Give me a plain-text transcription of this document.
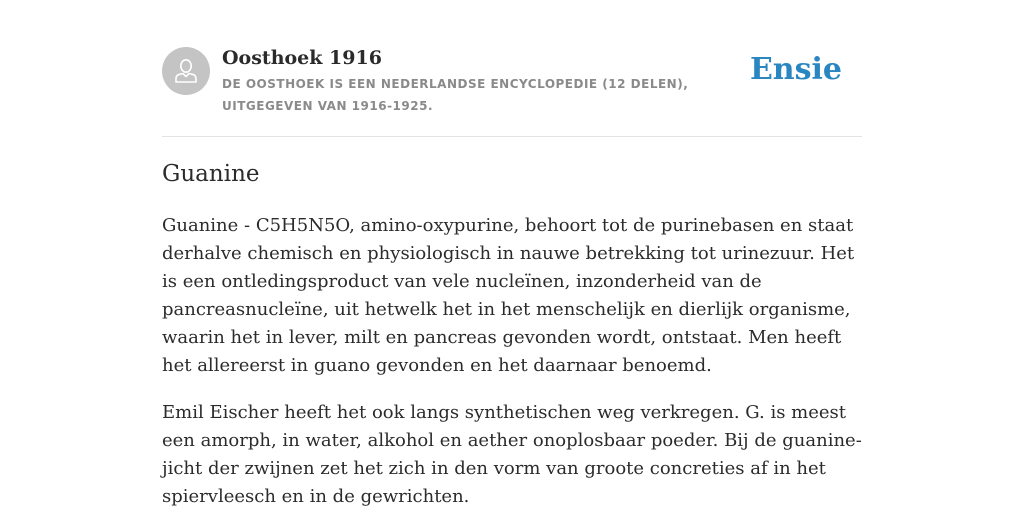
Oosthoek 1916

DE OOSTHOEK IS EEN NEDERLANDSE ENCYCLOPEDIE (12 DELEN), UITGEGEVEN VAN 1916-1925.

Ensie
Guanine

Guanine - C5H5N5O, amino-oxypurine, behoort tot de purinebasen en staat derhalve chemisch en physiologisch in nauwe betrekking tot urinezuur. Het is een ontledingsproduct van vele nucleïnen, inzonderheid van de pancreasnucleïne, uit hetwelk het in het menschelijk en dierlijk organisme, waarin het in lever, milt en pancreas gevonden wordt, ontstaat. Men heeft het allereerst in guano gevonden en het daarnaar benoemd.

Emil Eischer heeft het ook langs synthetischen weg verkregen. G. is meest een amorph, in water, alkohol en aether onoplosbaar poeder. Bij de guanine-jicht der zwijnen zet het zich in den vorm van groote concreties af in het spiervleesch en in de gewrichten.
